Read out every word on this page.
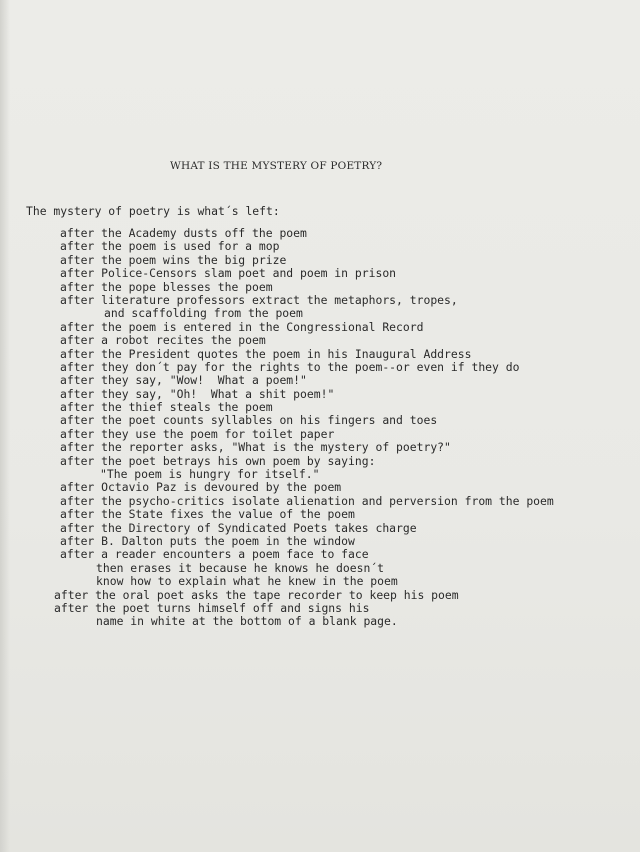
WHAT IS THE MYSTERY OF POETRY?
The mystery of poetry is what´s left:
after the Academy dusts off the poem
after the poem is used for a mop
after the poem wins the big prize
after Police-Censors slam poet and poem in prison
after the pope blesses the poem
after literature professors extract the metaphors, tropes,
and scaffolding from the poem
after the poem is entered in the Congressional Record
after a robot recites the poem
after the President quotes the poem in his Inaugural Address
after they don´t pay for the rights to the poem--or even if they do
after they say, "Wow!  What a poem!"
after they say, "Oh!  What a shit poem!"
after the thief steals the poem
after the poet counts syllables on his fingers and toes
after they use the poem for toilet paper
after the reporter asks, "What is the mystery of poetry?"
after the poet betrays his own poem by saying:
"The poem is hungry for itself."
after Octavio Paz is devoured by the poem
after the psycho-critics isolate alienation and perversion from the poem
after the State fixes the value of the poem
after the Directory of Syndicated Poets takes charge
after B. Dalton puts the poem in the window
after a reader encounters a poem face to face
then erases it because he knows he doesn´t
know how to explain what he knew in the poem
after the oral poet asks the tape recorder to keep his poem
after the poet turns himself off and signs his
name in white at the bottom of a blank page.
